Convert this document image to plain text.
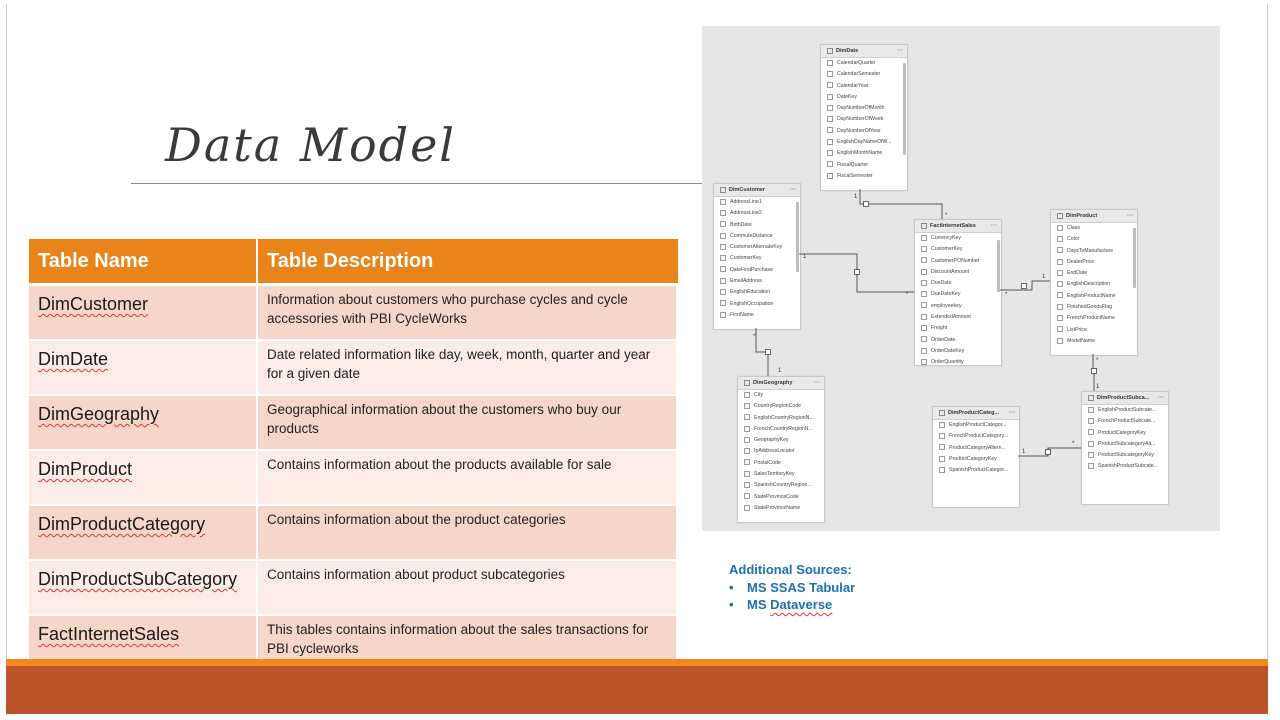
Data Model
Table Name	Table Description
DimCustomer	Information about customers who purchase cycles and cycle accessories with PBI CycleWorks
DimDate	Date related information like day, week, month, quarter and year for a given date
DimGeography	Geographical information about the customers who buy our products
DimProduct	Contains information about the products available for sale
DimProductCategory	Contains information about the product categories
DimProductSubCategory	Contains information about product subcategories
FactInternetSales	This tables contains information about the sales transactions for PBI cycleworks
DimDate	···
CalendarQuarter
CalendarSemester
CalendarYear
DateKey
DayNumberOfMonth
DayNumberOfWeek
DayNumberOfYear
EnglishDayNameOfW...
EnglishMonthName
FiscalQuarter
FiscalSemester
DimCustomer	···
AddressLine1
AddressLine2
BirthDate
CommuteDistance
CustomerAlternateKey
CustomerKey
DateFirstPurchase
EmailAddress
EnglishEducation
EnglishOccupation
FirstName
FactInternetSales	···
CurrencyKey
CustomerKey
CustomerPONumber
DiscountAmount
DueDate
DueDateKey
employeekey
ExtendedAmount
Freight
OrderDate
OrderDateKey
OrderQuantity
DimProduct	···
Class
Color
DaysToManufacture
DealerPrice
EndDate
EnglishDescription
EnglishProductName
FinishedGoodsFlag
FrenchProductName
ListPrice
ModelName
DimGeography	···
City
CountryRegionCode
EnglishCountryRegionN...
FrenchCountryRegionN...
GeographyKey
IpAddressLocator
PostalCode
SalesTerritoryKey
SpanishCountryRegion...
StateProvinceCode
StateProvinceName
DimProductCateg... ···
EnglishProductCategor...
FrenchProductCategory...
ProductCategoryAltern...
ProductCategoryKey
SpanishProductCategor...
DimProductSubca... ···
EnglishProductSubcate...
FrenchProductSubcate...
ProductCategoryKey
ProductSubcategoryAlt...
ProductSubcategoryKey
SpanishProductSubcate...
1
*
1
*
1
*
*
1
*
1
1
*
Additional Sources:
• MS SSAS Tabular
• MS Dataverse
